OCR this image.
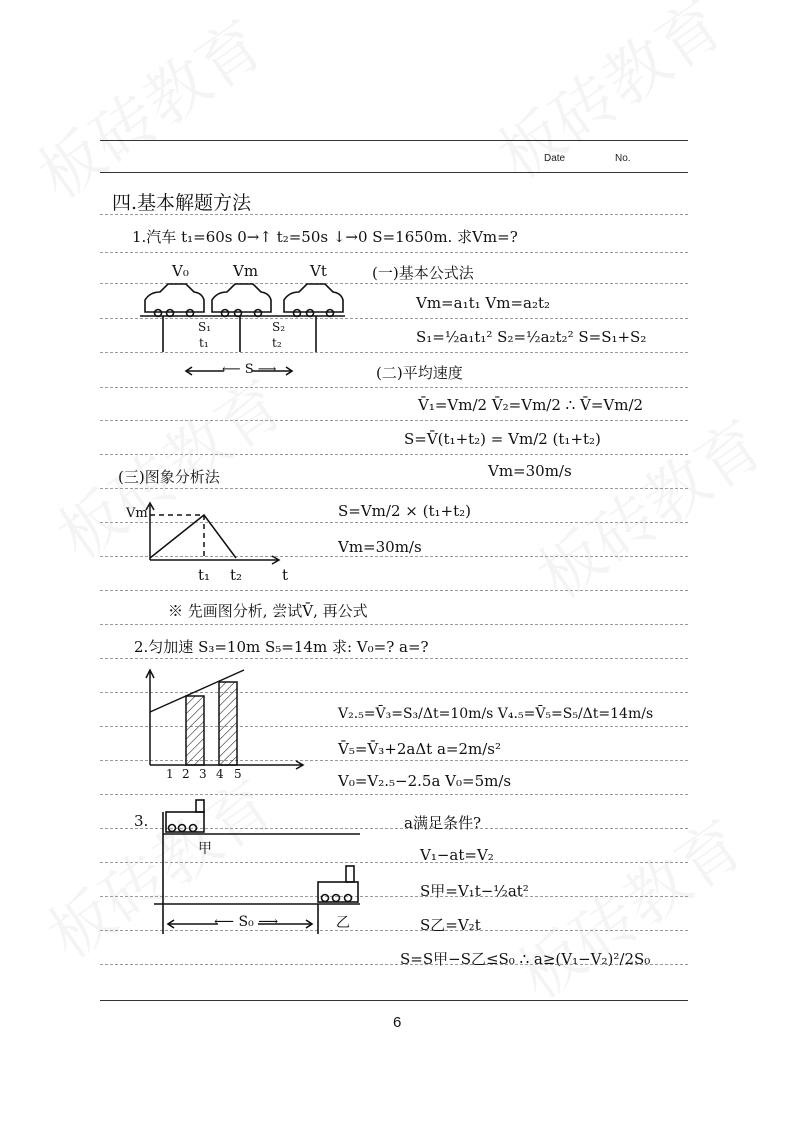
Date	No.
四.基本解题方法
1.汽车 t₁=60s 0→↑ t₂=50s ↓→0 S=1650m. 求Vm=?
V₀	Vm	Vt
S₁
t₁
S₂
t₂
⟵ S ⟶
(一)基本公式法
Vm=a₁t₁ Vm=a₂t₂
S₁=½a₁t₁² S₂=½a₂t₂² S=S₁+S₂
(二)平均速度
V̄₁=Vm/2 V̄₂=Vm/2 ∴ V̄=Vm/2
S=V̄(t₁+t₂) = Vm/2 (t₁+t₂)
Vm=30m/s
(三)图象分析法
Vm
t₁ t₂	t
S=Vm/2 × (t₁+t₂)
Vm=30m/s
※ 先画图分析, 尝试V̄, 再公式
2.匀加速 S₃=10m S₅=14m 求: V₀=? a=?
1 2 3 4 5
V₂.₅=V̄₃=S₃/Δt=10m/s V₄.₅=V̄₅=S₅/Δt=14m/s
V̄₅=V̄₃+2aΔt a=2m/s²
V₀=V₂.₅−2.5a V₀=5m/s
3.
甲
乙
⟵ S₀ ⟶
a满足条件?
V₁−at=V₂
S甲=V₁t−½at²
S乙=V₂t
S=S甲−S乙≤S₀ ∴ a≥(V₁−V₂)²/2S₀
6
